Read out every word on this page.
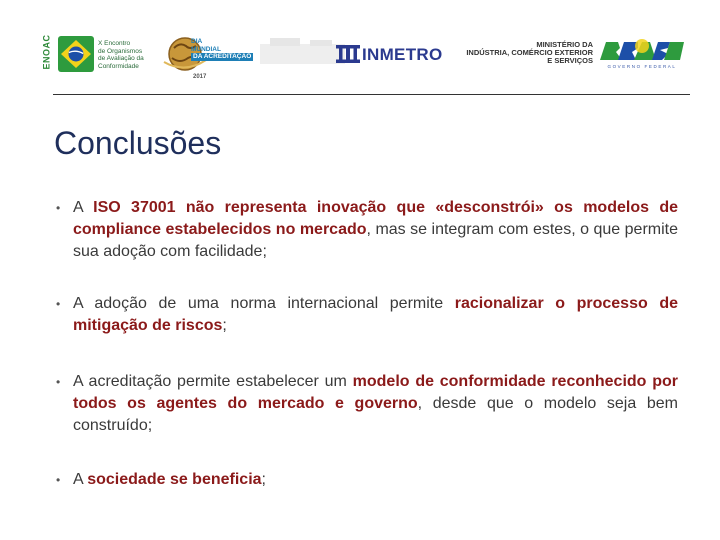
ENOAC	X Encontro
de Organismos
de Avaliação da
Conformidade
DIA
MUNDIAL
DA ACREDITAÇÃO
2017
INMETRO
MINISTÉRIO DA
INDÚSTRIA, COMÉRCIO EXTERIOR
E SERVIÇOS
GOVERNO FEDERAL
Conclusões
• A ISO 37001 não representa inovação que «desconstrói» os modelos de compliance estabelecidos no mercado, mas se integram com estes, o que permite sua adoção com facilidade;
• A adoção de uma norma internacional permite racionalizar o processo de mitigação de riscos;
• A acreditação permite estabelecer um modelo de conformidade reconhecido por todos os agentes do mercado e governo, desde que o modelo seja bem construído;
• A sociedade se beneficia;
